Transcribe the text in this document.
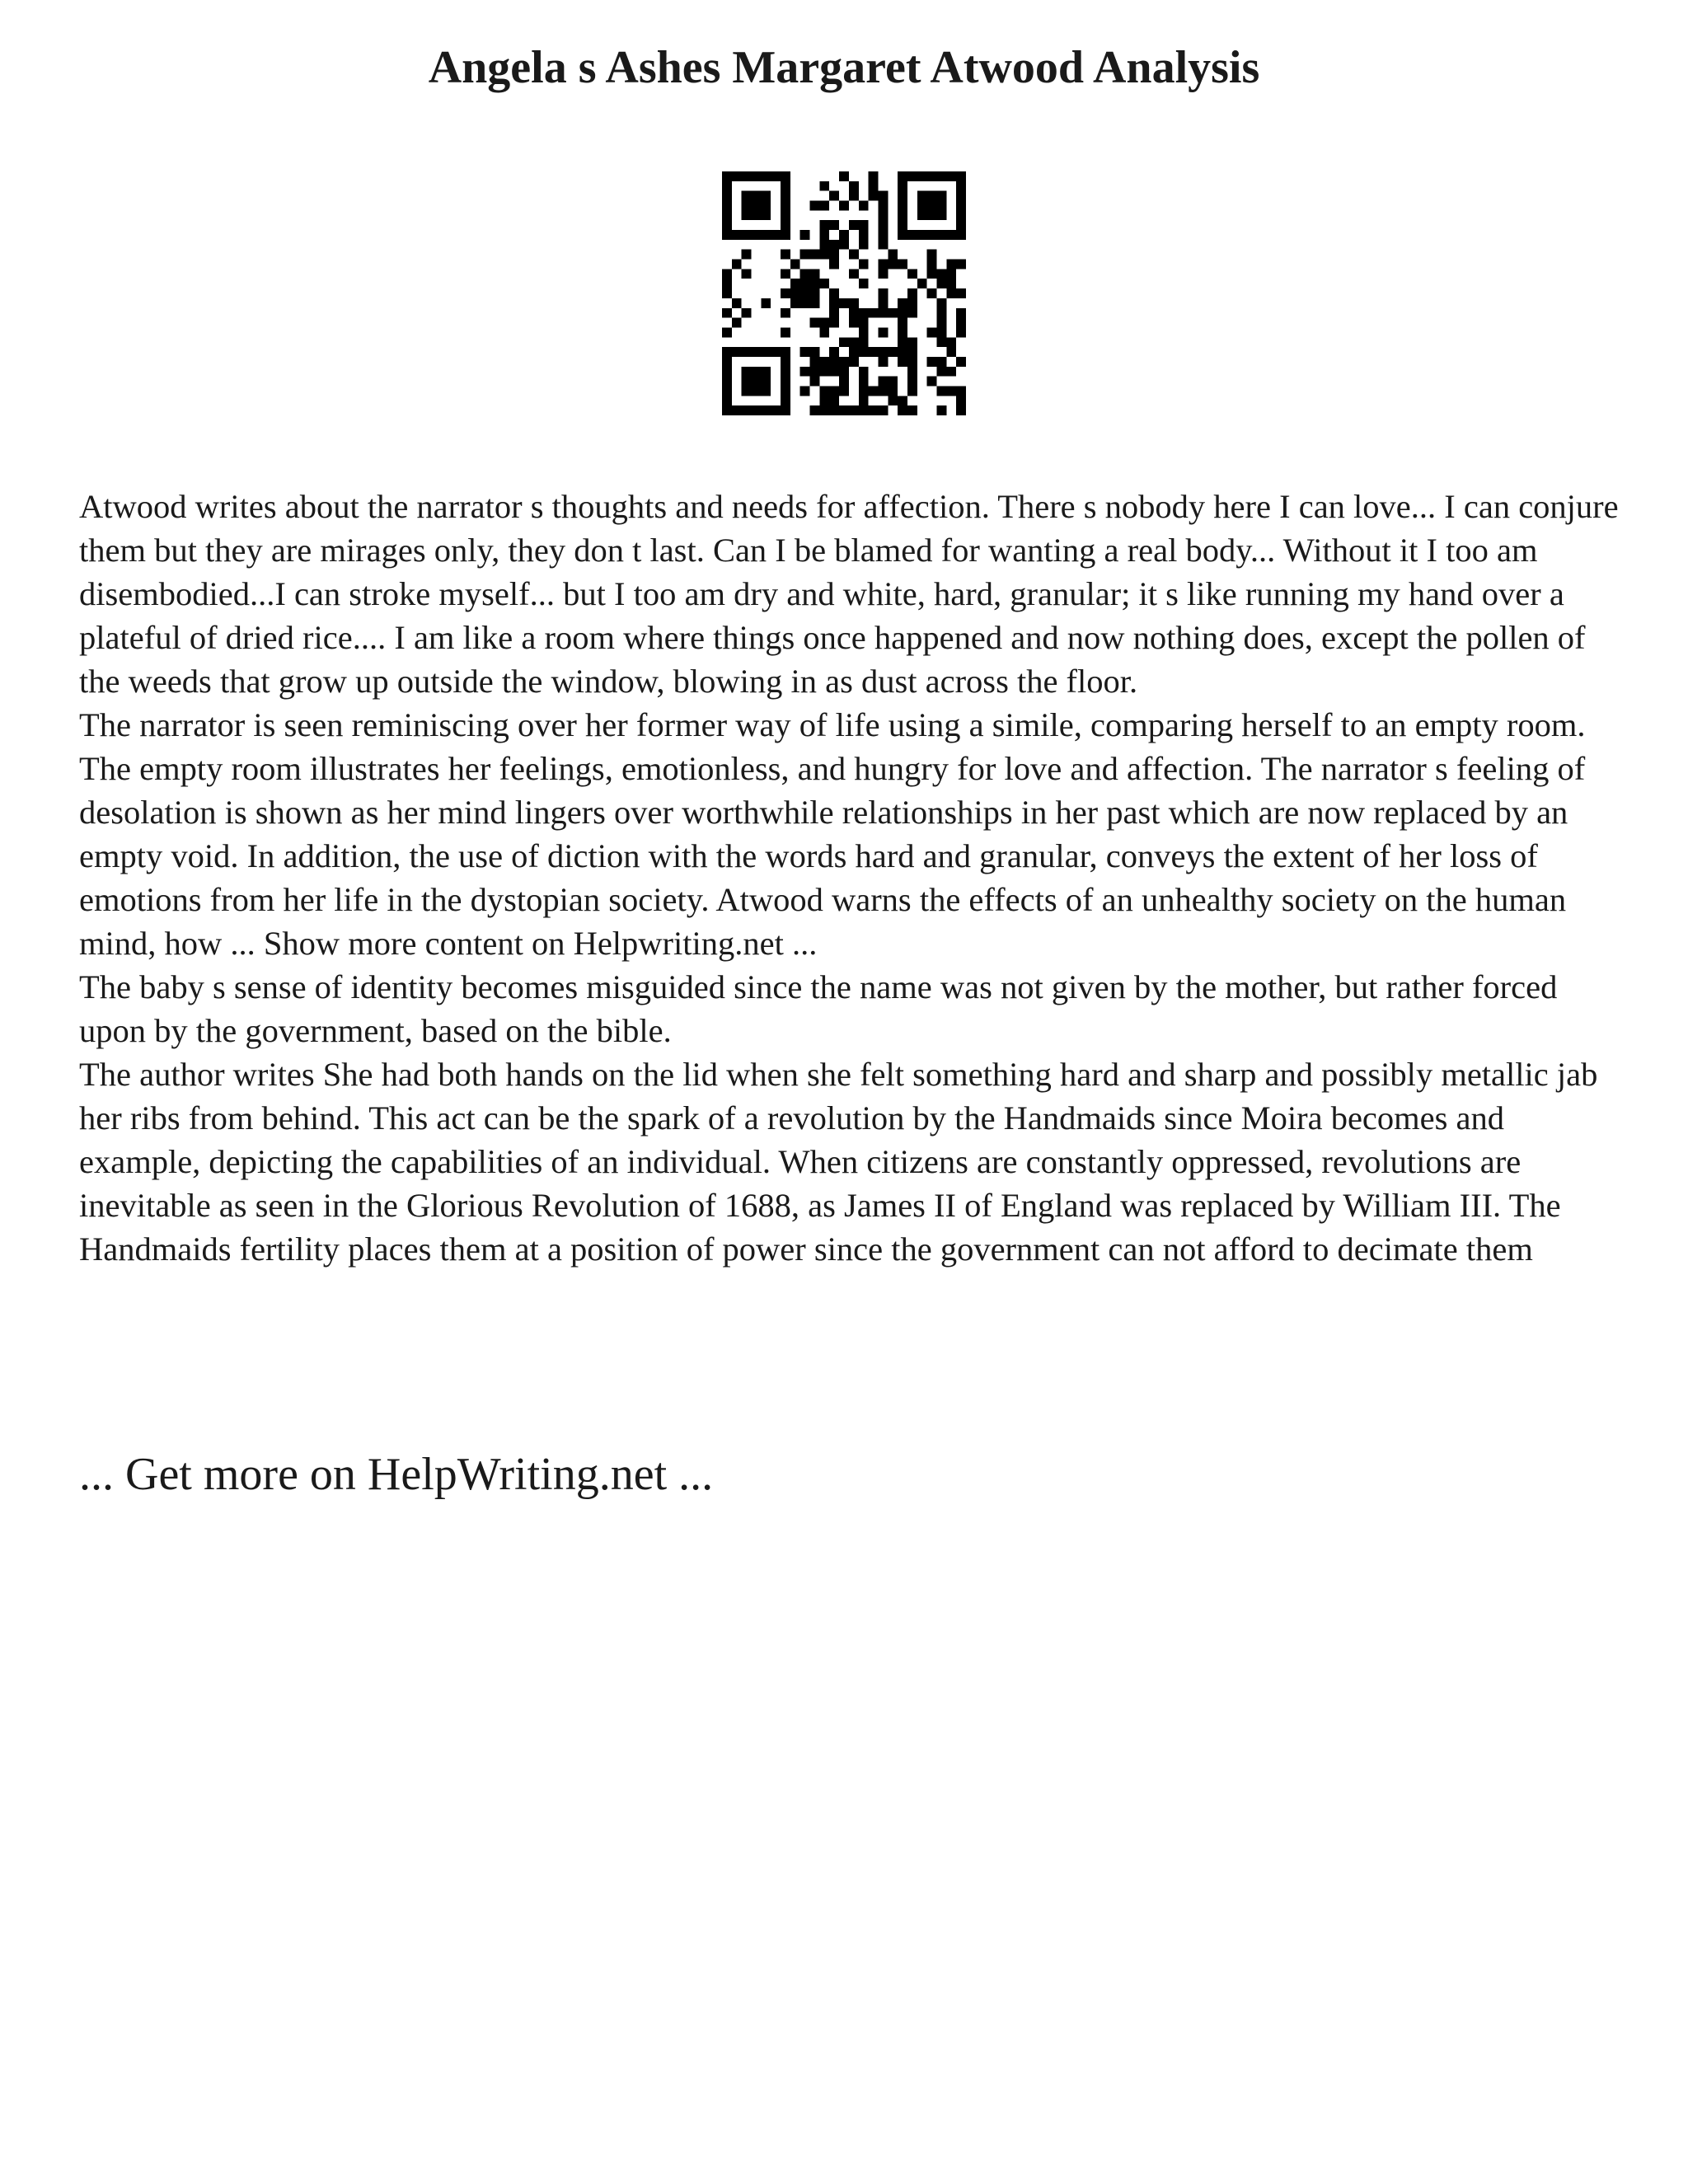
Angela s Ashes Margaret Atwood Analysis

Atwood writes about the narrator s thoughts and needs for affection. There s nobody here I can love... I can conjure them but they are mirages only, they don t last. Can I be blamed for wanting a real body... Without it I too am disembodied...I can stroke myself... but I too am dry and white, hard, granular; it s like running my hand over a plateful of dried rice.... I am like a room where things once happened and now nothing does, except the pollen of the weeds that grow up outside the window, blowing in as dust across the floor.

The narrator is seen reminiscing over her former way of life using a simile, comparing herself to an empty room. The empty room illustrates her feelings, emotionless, and hungry for love and affection. The narrator s feeling of desolation is shown as her mind lingers over worthwhile relationships in her past which are now replaced by an empty void. In addition, the use of diction with the words hard and granular, conveys the extent of her loss of emotions from her life in the dystopian society. Atwood warns the effects of an unhealthy society on the human mind, how ... Show more content on Helpwriting.net ...

The baby s sense of identity becomes misguided since the name was not given by the mother, but rather forced upon by the government, based on the bible.

The author writes She had both hands on the lid when she felt something hard and sharp and possibly metallic jab her ribs from behind. This act can be the spark of a revolution by the Handmaids since Moira becomes and example, depicting the capabilities of an individual. When citizens are constantly oppressed, revolutions are inevitable as seen in the Glorious Revolution of 1688, as James II of England was replaced by William III. The Handmaids fertility places them at a position of power since the government can not afford to decimate them

... Get more on HelpWriting.net ...
